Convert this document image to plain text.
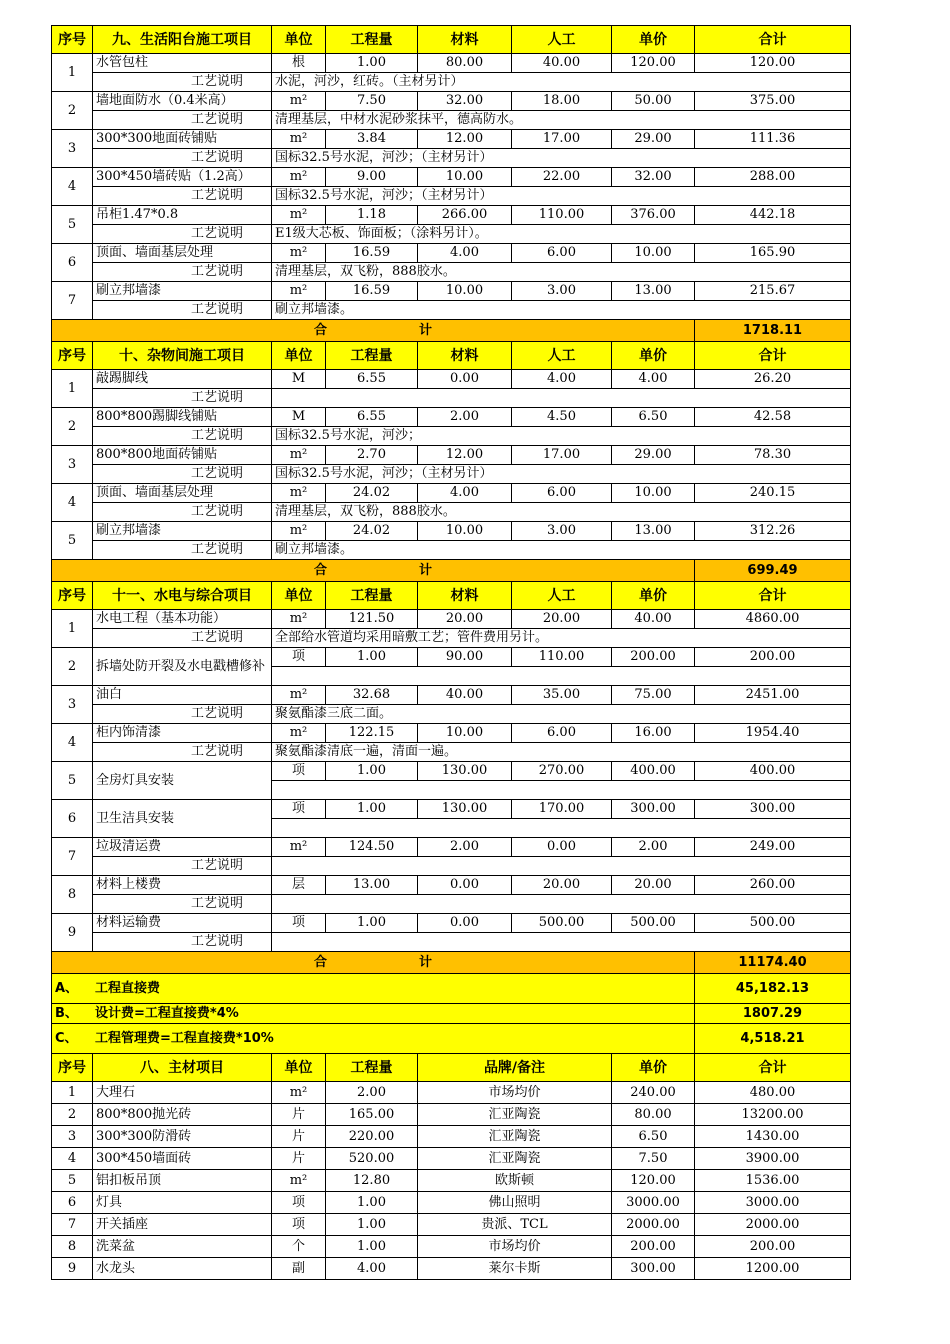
序号	九、生活阳台施工项目	单位	工程量	材料	人工	单价	合计
1	水管包柱	根	1.00	80.00	40.00	120.00	120.00
	工艺说明	水泥，河沙，红砖。（主材另计）					
2	墙地面防水（0.4米高）	m²	7.50	32.00	18.00	50.00	375.00
	工艺说明	清理基层，中材水泥砂浆抹平，德高防水。					
3	300*300地面砖铺贴	m²	3.84	12.00	17.00	29.00	111.36
	工艺说明	国标32.5号水泥，河沙；（主材另计）					
4	300*450墙砖贴（1.2高）	m²	9.00	10.00	22.00	32.00	288.00
	工艺说明	国标32.5号水泥，河沙；（主材另计）					
5	吊柜1.47*0.8	m²	1.18	266.00	110.00	376.00	442.18
	工艺说明	E1级大芯板、饰面板；（涂料另计）。					
6	顶面、墙面基层处理	m²	16.59	4.00	6.00	10.00	165.90
	工艺说明	清理基层，双飞粉，888胶水。					
7	刷立邦墙漆	m²	16.59	10.00	3.00	13.00	215.67
	工艺说明	刷立邦墙漆。					
合 计							1718.11
序号	十、杂物间施工项目	单位	工程量	材料	人工	单价	合计
1	敲踢脚线	M	6.55	0.00	4.00	4.00	26.20
	工艺说明						
2	800*800踢脚线铺贴	M	6.55	2.00	4.50	6.50	42.58
	工艺说明	国标32.5号水泥，河沙；					
3	800*800地面砖铺贴	m²	2.70	12.00	17.00	29.00	78.30
	工艺说明	国标32.5号水泥，河沙；（主材另计）					
4	顶面、墙面基层处理	m²	24.02	4.00	6.00	10.00	240.15
	工艺说明	清理基层，双飞粉，888胶水。					
5	刷立邦墙漆	m²	24.02	10.00	3.00	13.00	312.26
	工艺说明	刷立邦墙漆。					
合 计							699.49
序号	十一、水电与综合项目	单位	工程量	材料	人工	单价	合计
1	水电工程（基本功能）	m²	121.50	20.00	20.00	40.00	4860.00
	工艺说明	全部给水管道均采用暗敷工艺；管件费用另计。					
2	拆墙处防开裂及水电戳槽修补	项	1.00	90.00	110.00	200.00	200.00

3	油白	m²	32.68	40.00	35.00	75.00	2451.00
	工艺说明	聚氨酯漆三底二面。					
4	柜内饰清漆	m²	122.15	10.00	6.00	16.00	1954.40
	工艺说明	聚氨酯漆清底一遍，清面一遍。					
5	全房灯具安装	项	1.00	130.00	270.00	400.00	400.00

6	卫生洁具安装	项	1.00	130.00	170.00	300.00	300.00

7	垃圾清运费	m²	124.50	2.00	0.00	2.00	249.00
	工艺说明						
8	材料上楼费	层	13.00	0.00	20.00	20.00	260.00
	工艺说明						
9	材料运输费	项	1.00	0.00	500.00	500.00	500.00
	工艺说明						
合 计							11174.40
A、 工程直接费							45,182.13
B、 设计费=工程直接费*4%							1807.29
C、 工程管理费=工程直接费*10%							4,518.21
序号	八、主材项目	单位	工程量	品牌/备注		单价	合计
1	大理石	m²	2.00	市场均价		240.00	480.00
2	800*800抛光砖	片	165.00	汇亚陶瓷		80.00	13200.00
3	300*300防滑砖	片	220.00	汇亚陶瓷		6.50	1430.00
4	300*450墙面砖	片	520.00	汇亚陶瓷		7.50	3900.00
5	铝扣板吊顶	m²	12.80	欧斯顿		120.00	1536.00
6	灯具	项	1.00	佛山照明		3000.00	3000.00
7	开关插座	项	1.00	贵派、TCL		2000.00	2000.00
8	洗菜盆	个	1.00	市场均价		200.00	200.00
9	水龙头	副	4.00	莱尔卡斯		300.00	1200.00
